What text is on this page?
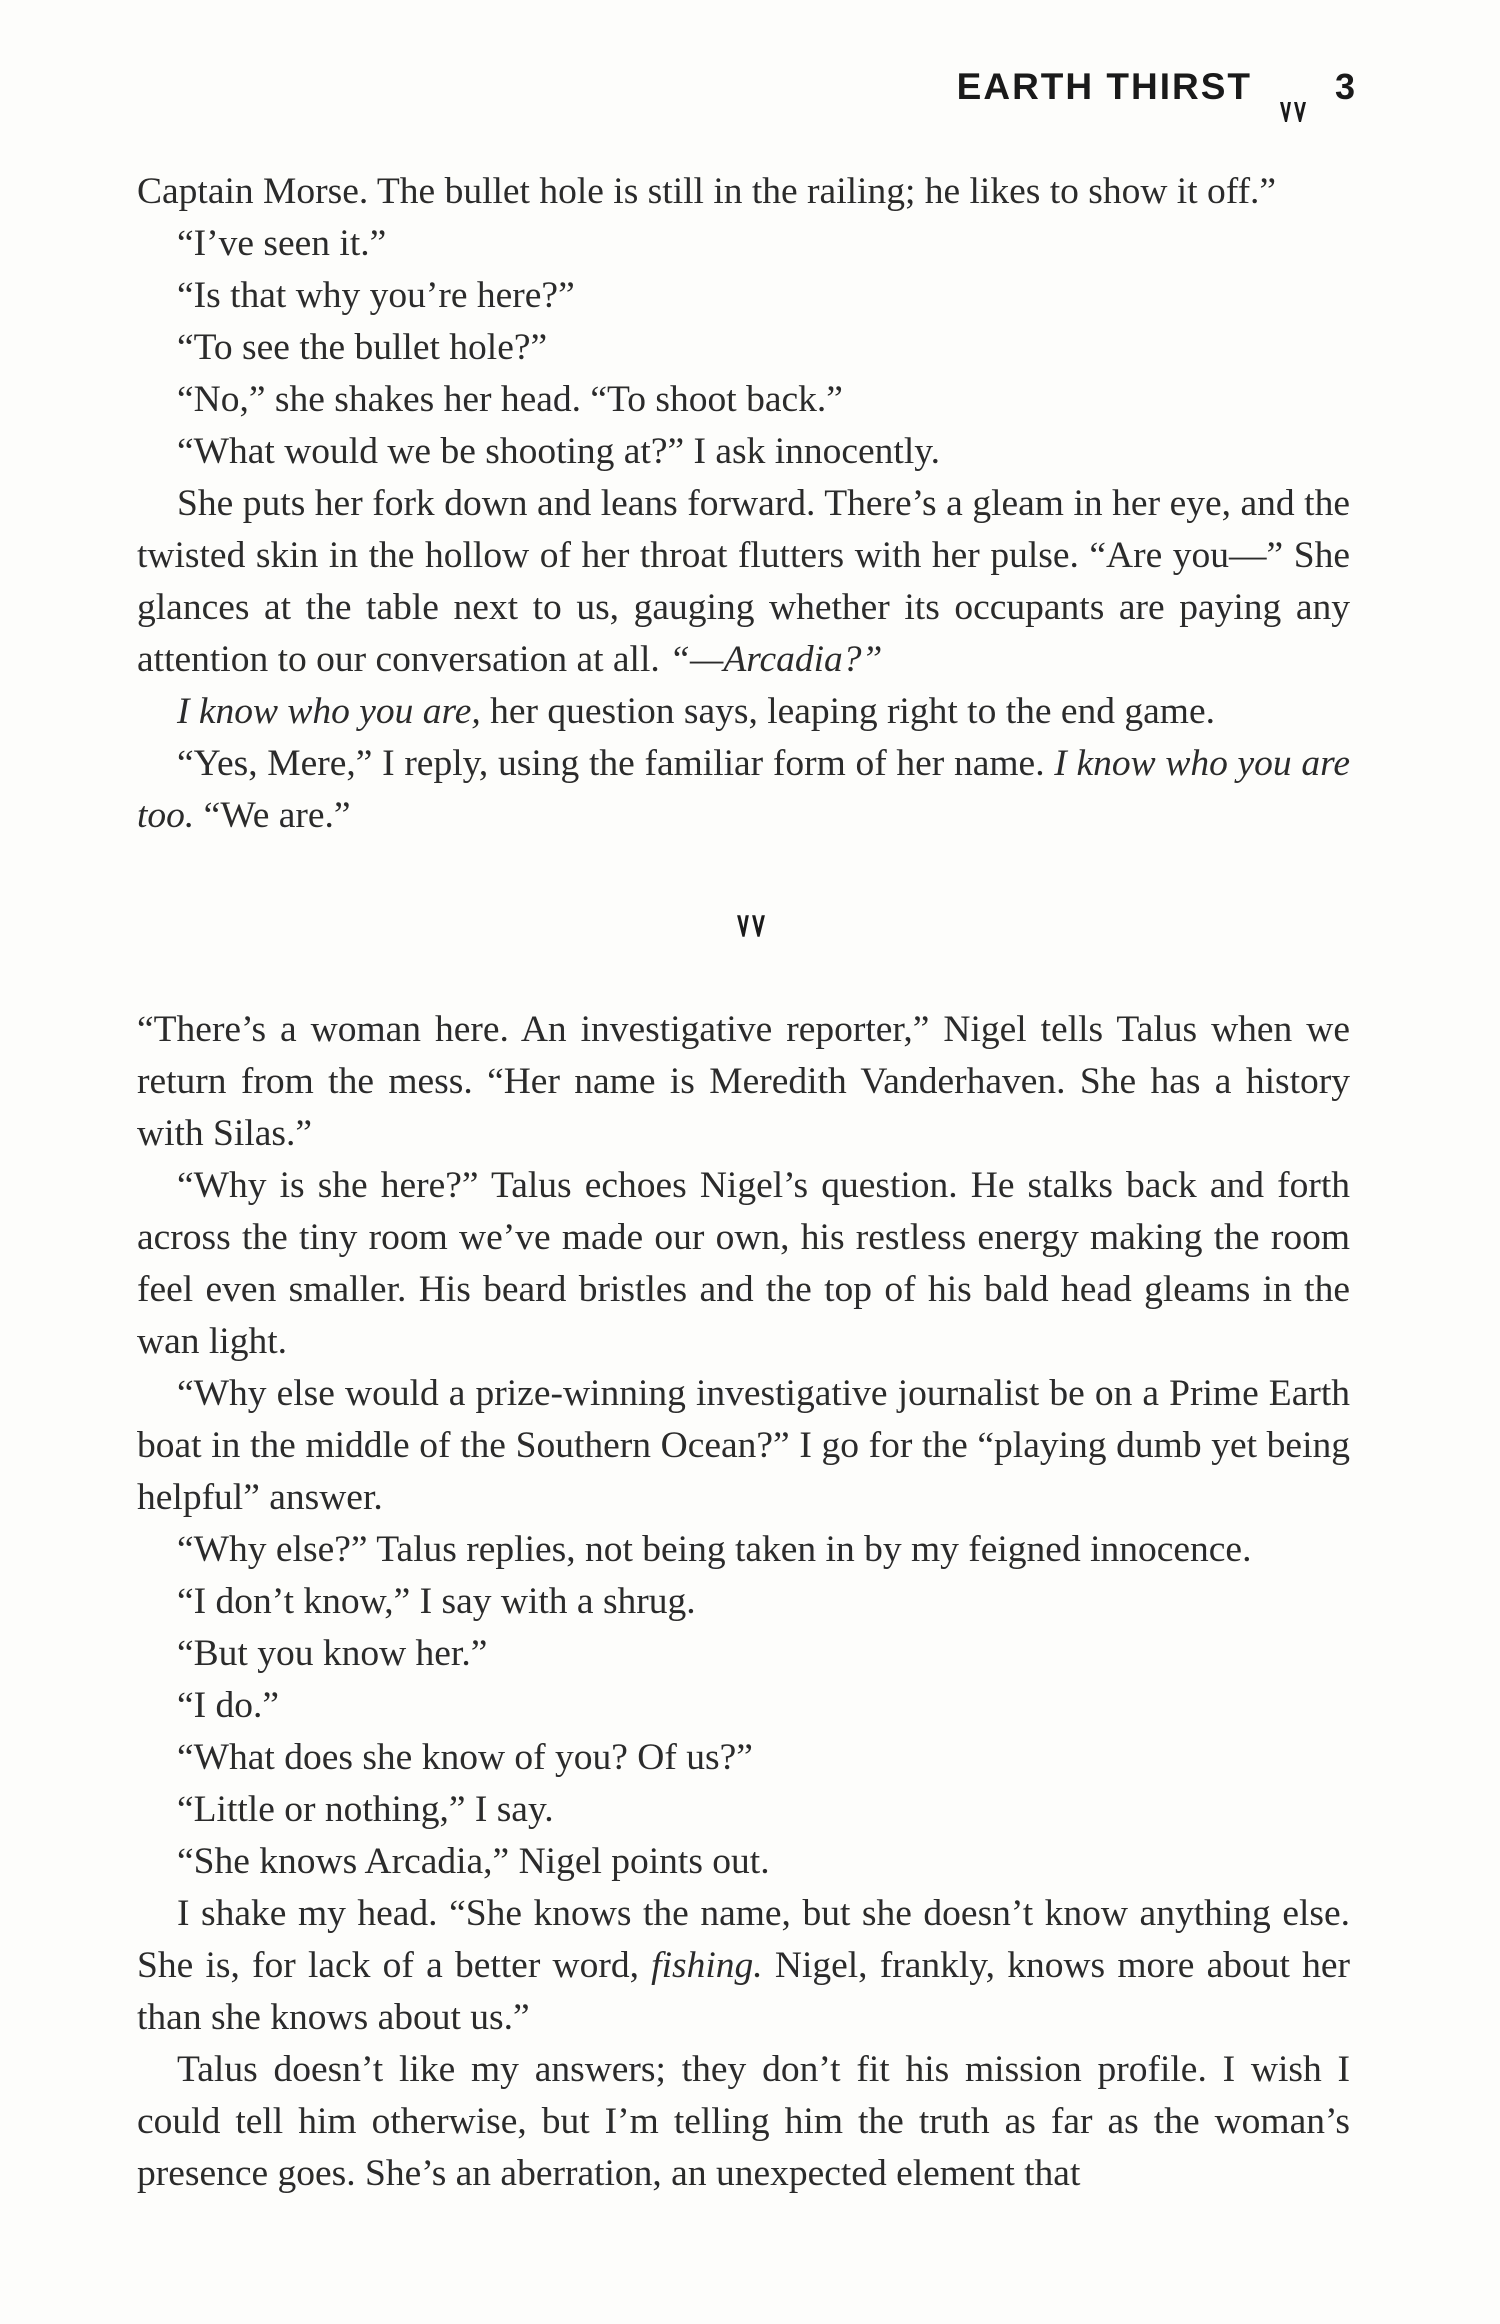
EARTH THIRST 3

Captain Morse. The bullet hole is still in the railing; he likes to show it off.”

“I’ve seen it.”

“Is that why you’re here?”

“To see the bullet hole?”

“No,” she shakes her head. “To shoot back.”

“What would we be shooting at?” I ask innocently.

She puts her fork down and leans forward. There’s a gleam in her eye, and the twisted skin in the hollow of her throat flutters with her pulse. “Are you—” She glances at the table next to us, gauging whether its occupants are paying any attention to our conversation at all. “—Arcadia?”

I know who you are, her question says, leaping right to the end game.

“Yes, Mere,” I reply, using the familiar form of her name. I know who you are too. “We are.”

“There’s a woman here. An investigative reporter,” Nigel tells Talus when we return from the mess. “Her name is Meredith Vanderhaven. She has a history with Silas.”

“Why is she here?” Talus echoes Nigel’s question. He stalks back and forth across the tiny room we’ve made our own, his restless energy making the room feel even smaller. His beard bristles and the top of his bald head gleams in the wan light.

“Why else would a prize-winning investigative journalist be on a Prime Earth boat in the middle of the Southern Ocean?” I go for the “playing dumb yet being helpful” answer.

“Why else?” Talus replies, not being taken in by my feigned innocence.

“I don’t know,” I say with a shrug.

“But you know her.”

“I do.”

“What does she know of you? Of us?”

“Little or nothing,” I say.

“She knows Arcadia,” Nigel points out.

I shake my head. “She knows the name, but she doesn’t know anything else. She is, for lack of a better word, fishing. Nigel, frankly, knows more about her than she knows about us.”

Talus doesn’t like my answers; they don’t fit his mission profile. I wish I could tell him otherwise, but I’m telling him the truth as far as the woman’s presence goes. She’s an aberration, an unexpected element that
